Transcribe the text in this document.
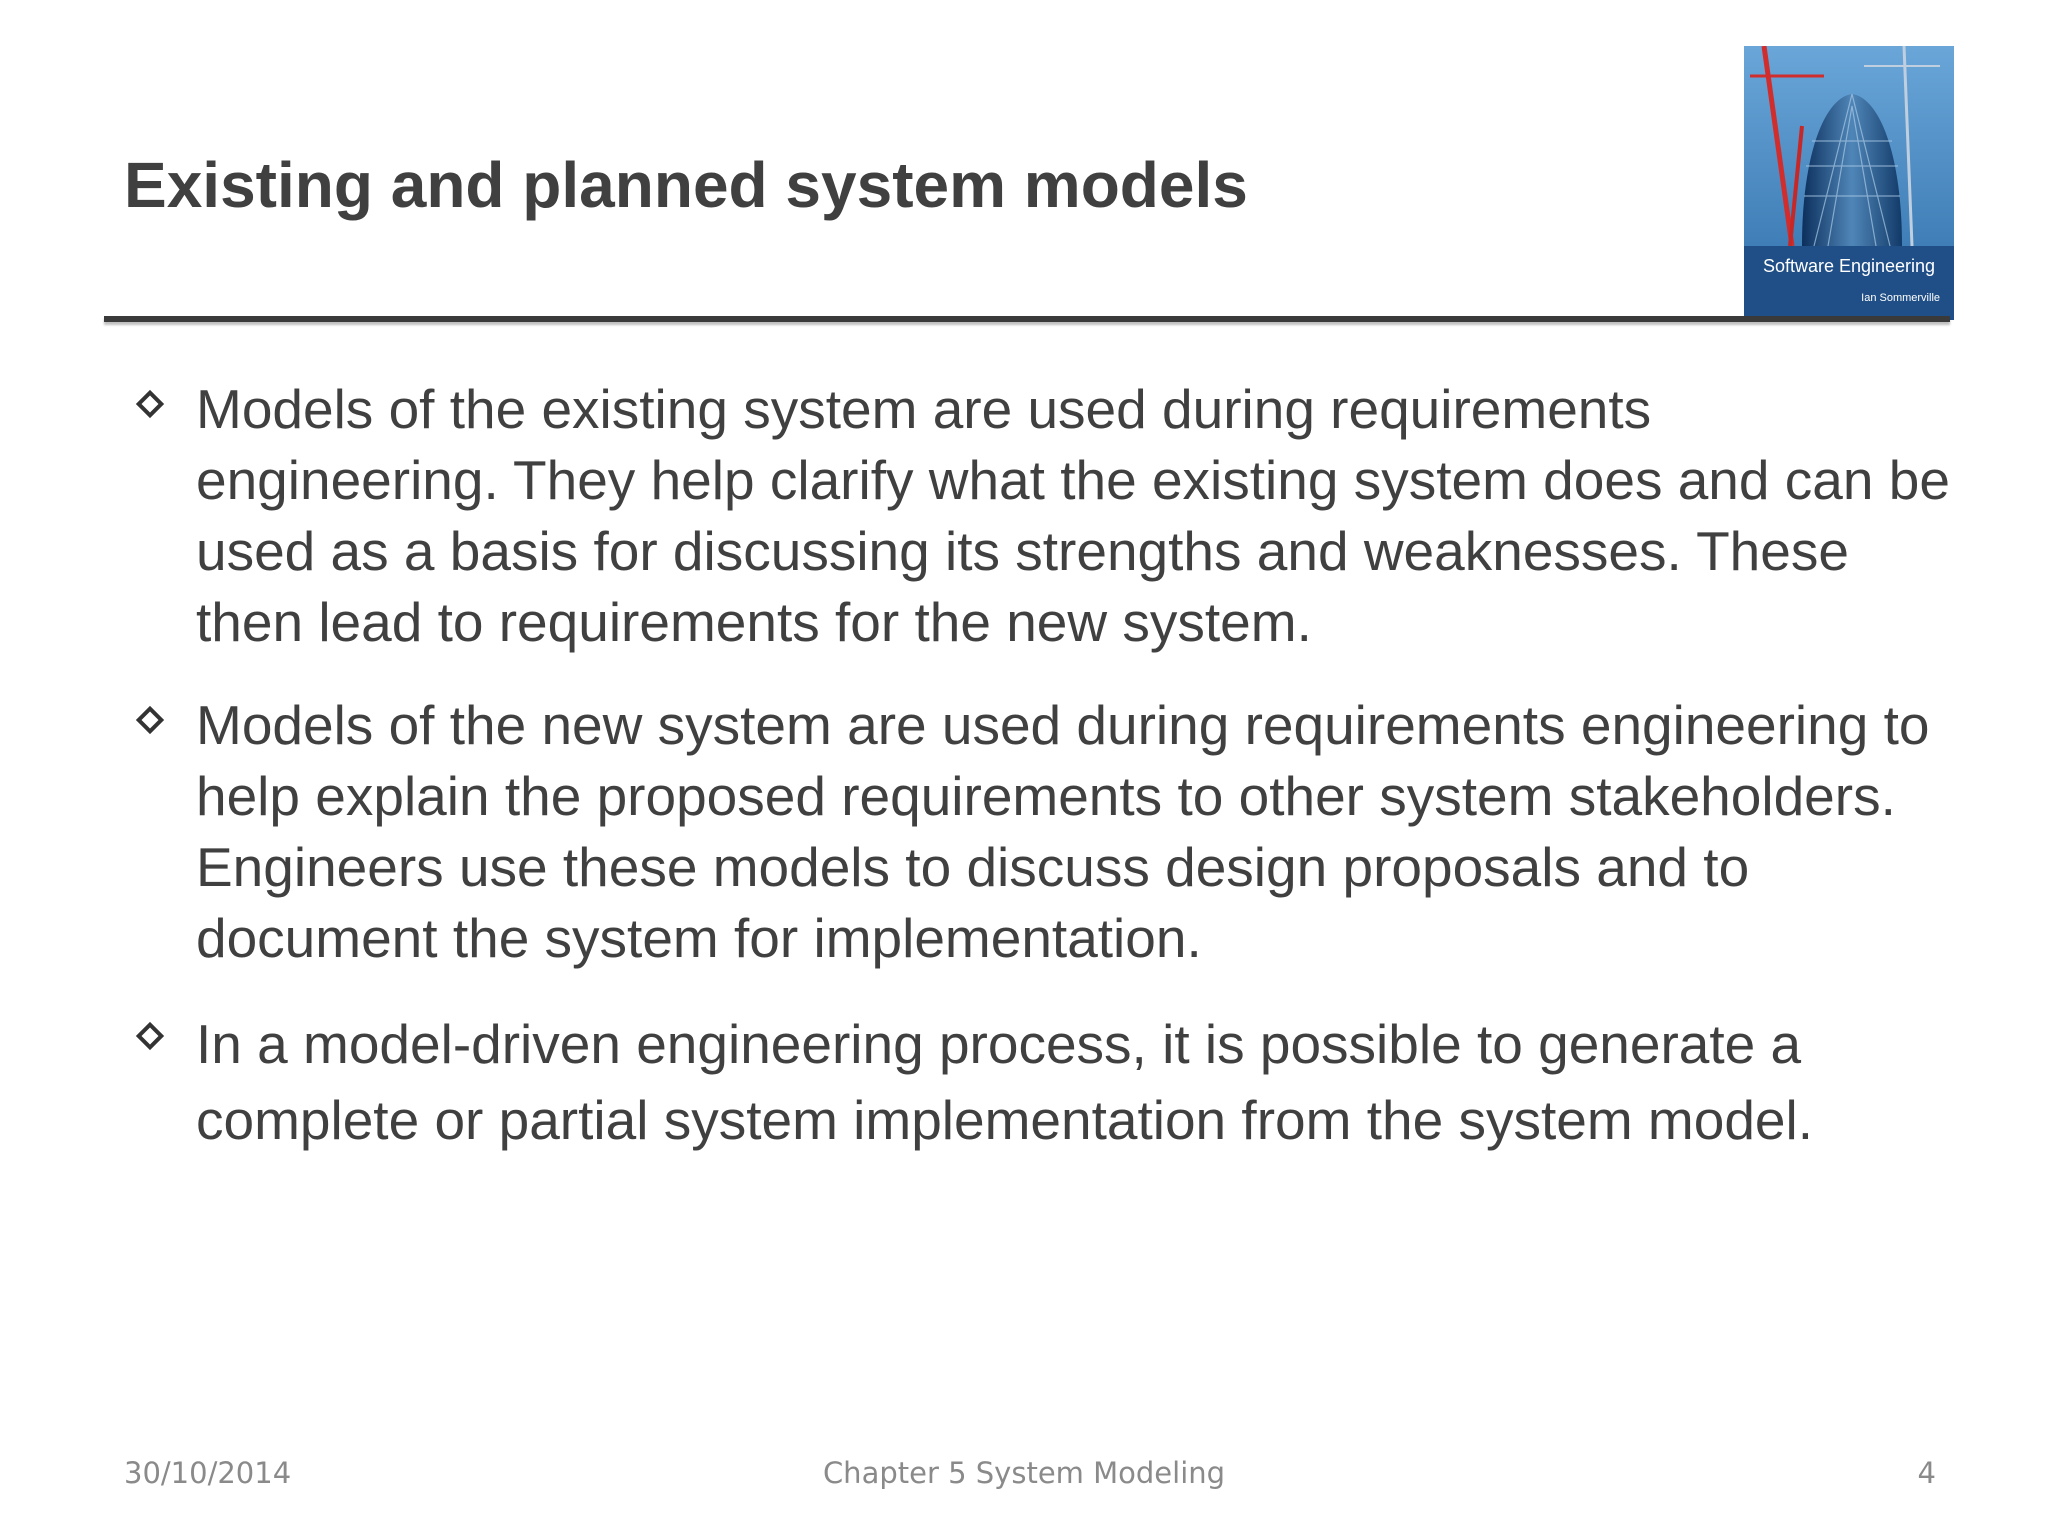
Existing and planned system models
Software Engineering
Ian Sommerville
Models of the existing system are used during requirements engineering. They help clarify what the existing system does and can be used as a basis for discussing its strengths and weaknesses. These then lead to requirements for the new system.
Models of the new system are used during requirements engineering to help explain the proposed requirements to other system stakeholders. Engineers use these models to discuss design proposals and to document the system for implementation.
In a model-driven engineering process, it is possible to generate a complete or partial system implementation from the system model.
30/10/2014	Chapter 5 System Modeling	4
